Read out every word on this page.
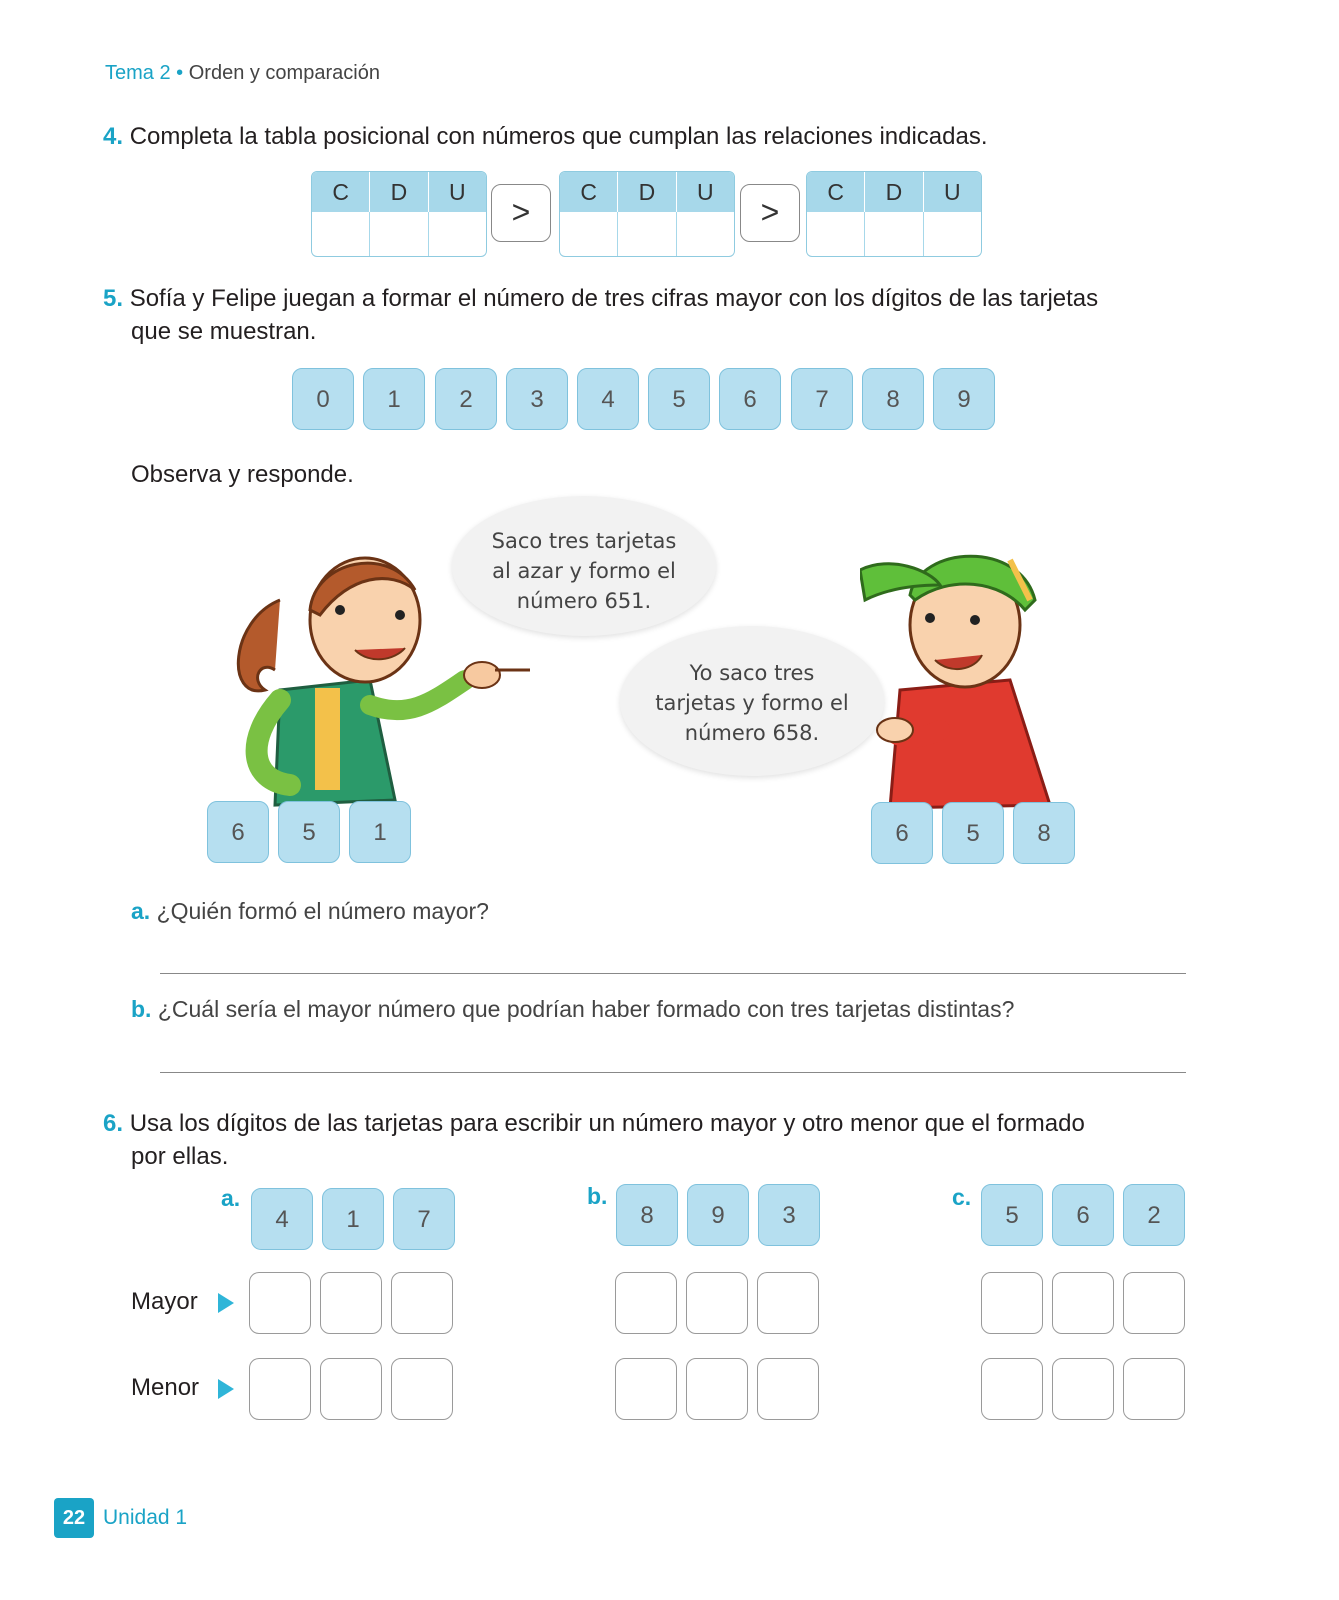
Tema 2 • Orden y comparación
4. Completa la tabla posicional con números que cumplan las relaciones indicadas.
C	D	U
>
C	D	U
>
C	D	U
5. Sofía y Felipe juegan a formar el número de tres cifras mayor con los dígitos de las tarjetas
que se muestran.
0	1	2	3	4	5	6	7	8	9
Observa y responde.
Saco tres tarjetas
al azar y formo el
número 651.
Yo saco tres
tarjetas y formo el
número 658.
6	5	1	6	5	8
a. ¿Quién formó el número mayor?
b. ¿Cuál sería el mayor número que podrían haber formado con tres tarjetas distintas?
6. Usa los dígitos de las tarjetas para escribir un número mayor y otro menor que el formado
por ellas.
a.	b.	c.
4	1	7	8	9	3	5	6	2
Mayor
Menor
22 Unidad 1
